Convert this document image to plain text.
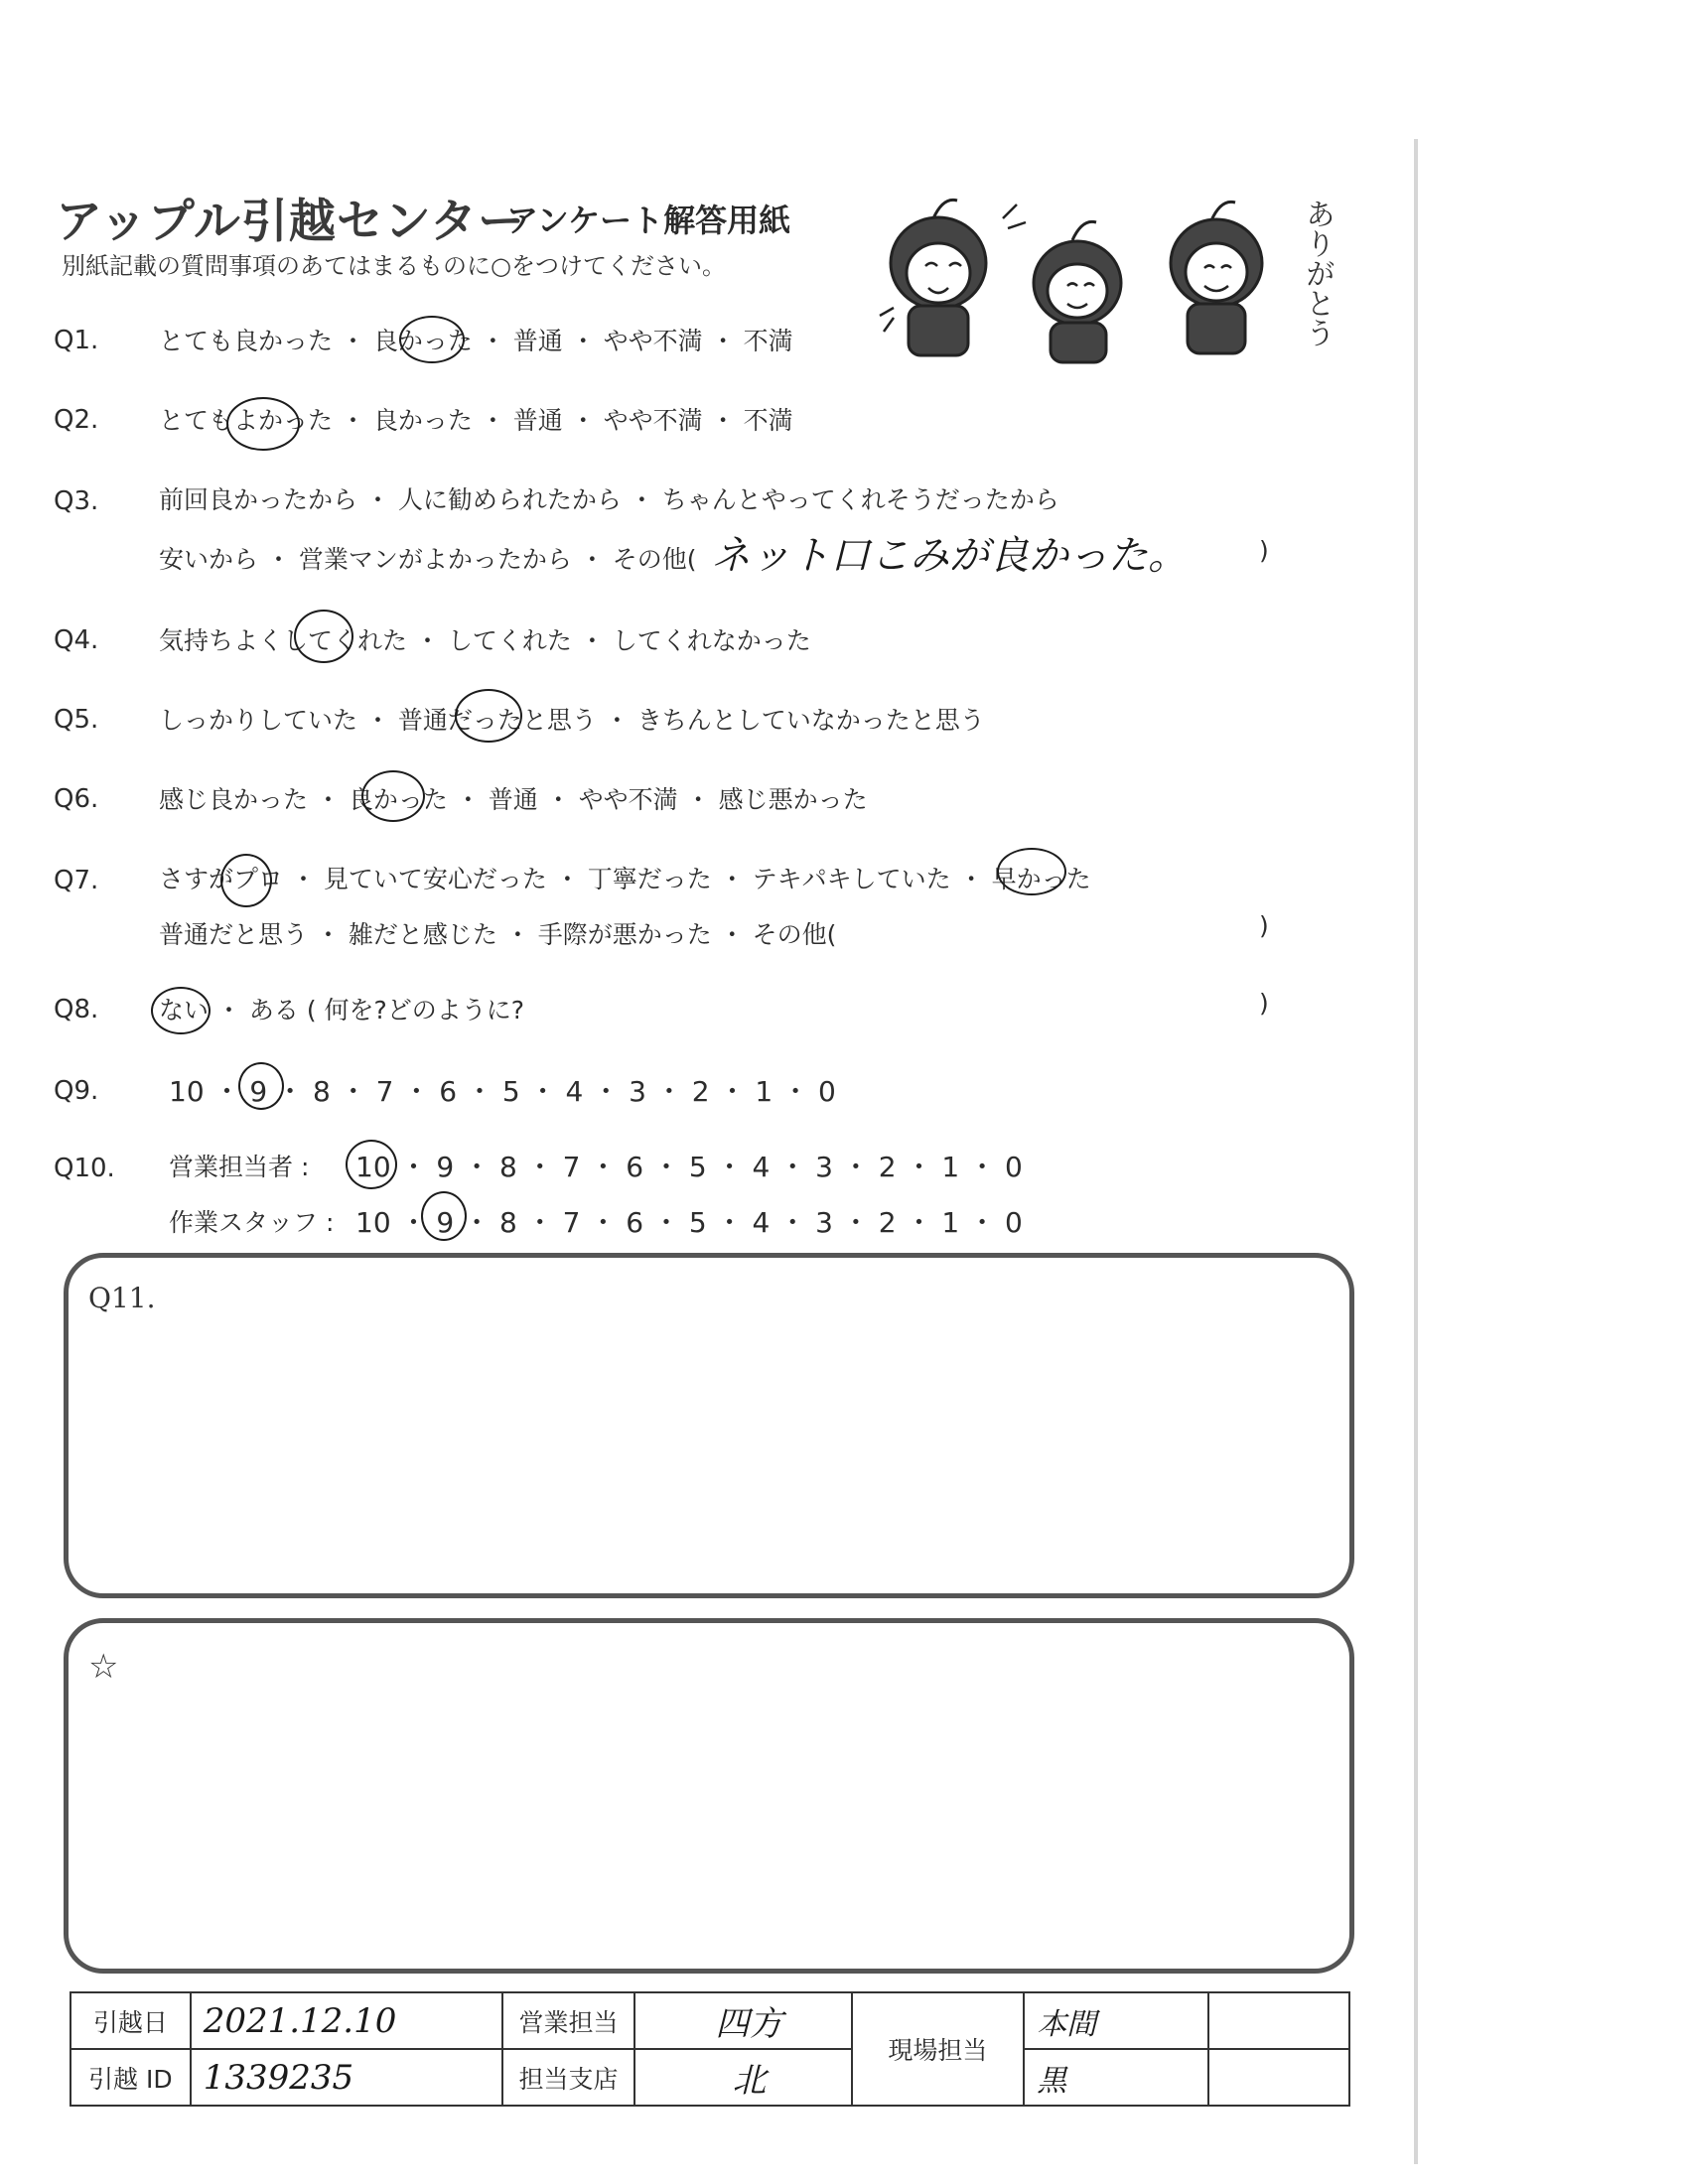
アップル引越センター
アンケート解答用紙
別紙記載の質問事項のあてはまるものに○をつけてください。	ありがとう
Q1. とても良かった ・ 良かった ・ 普通 ・ やや不満 ・ 不満
Q2. とてもよかった ・ 良かった ・ 普通 ・ やや不満 ・ 不満
Q3. 前回良かったから ・ 人に勧められたから ・ ちゃんとやってくれそうだったから
安いから ・ 営業マンがよかったから ・ その他( ネット口こみが良かった。	)
Q4. 気持ちよくしてくれた ・ してくれた ・ してくれなかった
Q5. しっかりしていた ・ 普通だったと思う ・ きちんとしていなかったと思う
Q6. 感じ良かった ・ 良かった ・ 普通 ・ やや不満 ・ 感じ悪かった
Q7. さすがプロ ・ 見ていて安心だった ・ 丁寧だった ・ テキパキしていた ・ 早かった
普通だと思う ・ 雑だと感じた ・ 手際が悪かった ・ その他(	)
Q8. ない ・ ある ( 何を?どのように?	)
Q9.	10 ・ 9 ・ 8 ・ 7 ・ 6 ・ 5 ・ 4 ・ 3 ・ 2 ・ 1 ・ 0
Q10. 営業担当者 : 10 ・ 9 ・ 8 ・ 7 ・ 6 ・ 5 ・ 4 ・ 3 ・ 2 ・ 1 ・ 0
作業スタッフ : 10 ・ 9 ・ 8 ・ 7 ・ 6 ・ 5 ・ 4 ・ 3 ・ 2 ・ 1 ・ 0
Q11.
☆
引越日	2021.12.10	営業担当	四方	現場担当	本間	
引越 ID	1339235	担当支店	北		黒	
